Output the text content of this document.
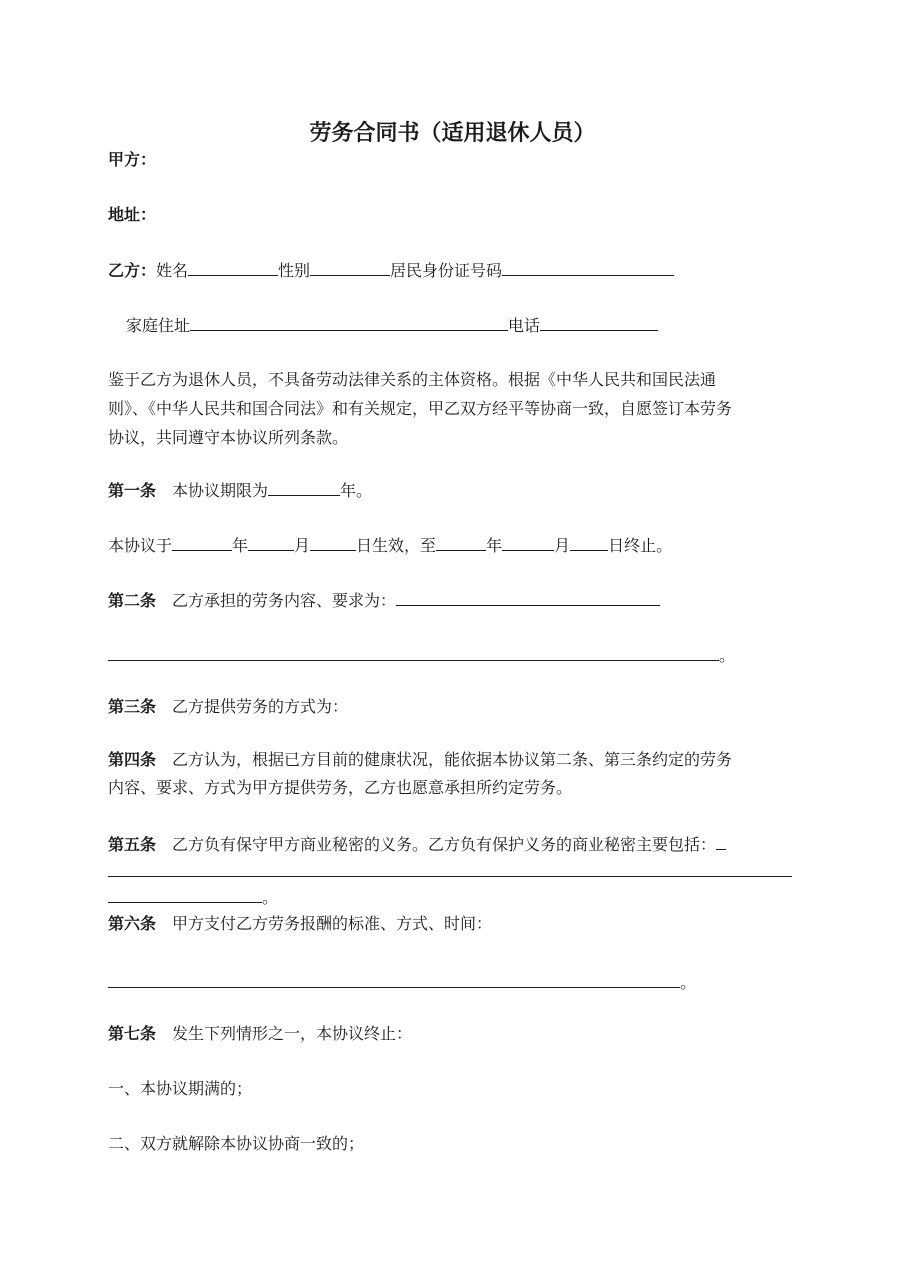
劳务合同书（适用退休人员）
甲方：
地址：
乙方：姓名	性别	居民身份证号码
家庭住址	电话
鉴于乙方为退休人员，不具备劳动法律关系的主体资格。根据《中华人民共和国民法通
则》、《中华人民共和国合同法》和有关规定，甲乙双方经平等协商一致，自愿签订本劳务
协议，共同遵守本协议所列条款。
第一条 本协议期限为	年。
本协议于	年	月	日生效，至	年	月 日终止。
第二条 乙方承担的劳务内容、要求为：
。
第三条 乙方提供劳务的方式为：
第四条 乙方认为，根据已方目前的健康状况，能依据本协议第二条、第三条约定的劳务
内容、要求、方式为甲方提供劳务，乙方也愿意承担所约定劳务。
第五条 乙方负有保守甲方商业秘密的义务。乙方负有保护义务的商业秘密主要包括：
。
第六条 甲方支付乙方劳务报酬的标准、方式、时间：
。
第七条 发生下列情形之一，本协议终止：
一、本协议期满的；
二、双方就解除本协议协商一致的；
